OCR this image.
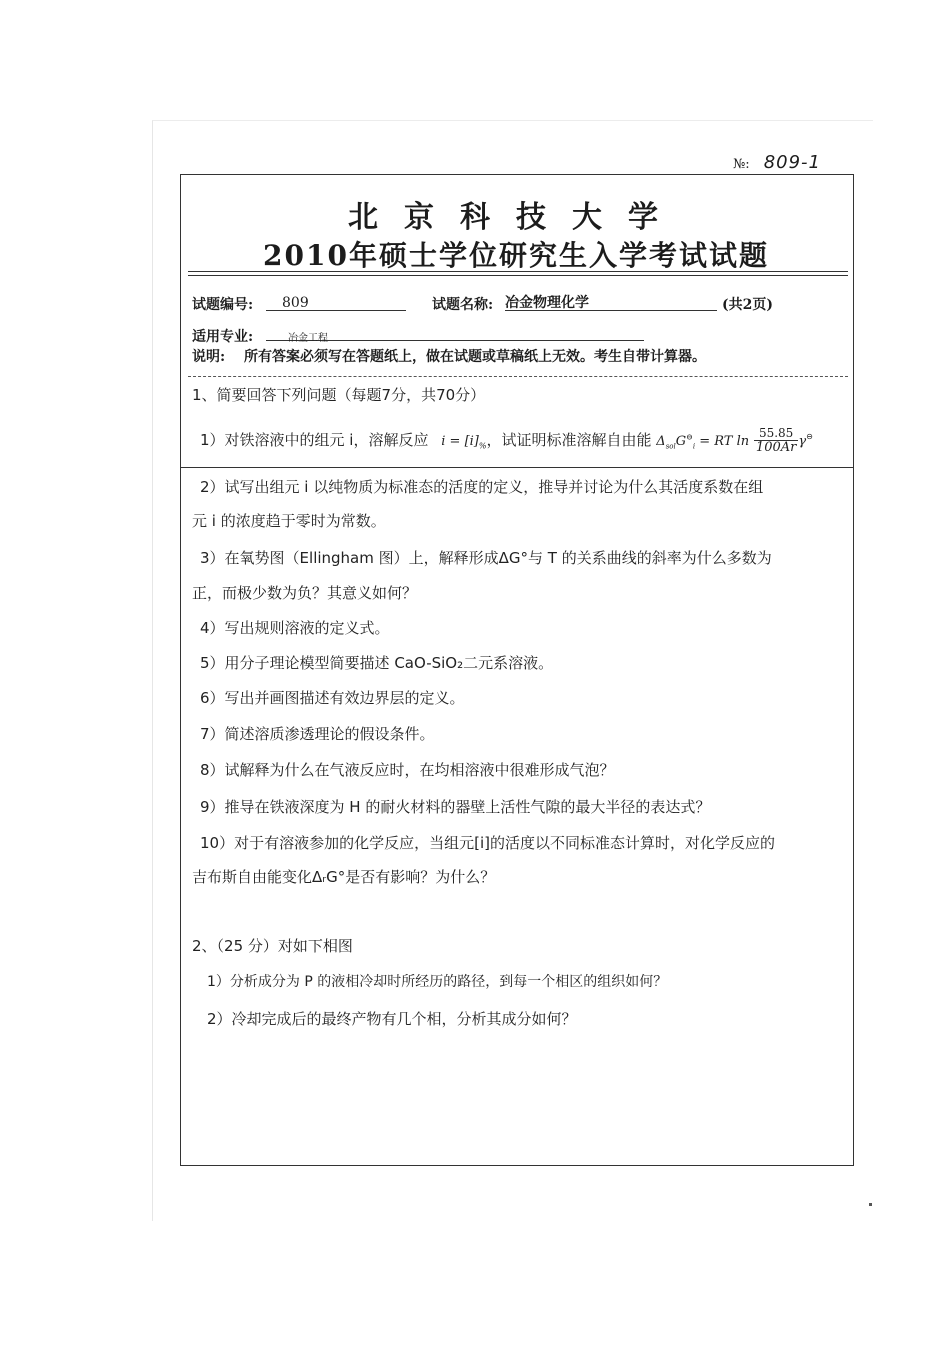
№: 809-1
北京科技大学
2010年硕士学位研究生入学考试试题
试题编号:	809	试题名称: 冶金物理化学	(共2页)
适用专业:	冶金工程
说明: 所有答案必须写在答题纸上，做在试题或草稿纸上无效。考生自带计算器。
1、简要回答下列问题（每题7分，共70分）
1）对铁溶液中的组元 i，溶解反应 $i = [i]_{\%}$，试证明标准溶解自由能 $\Delta_{sol}G^⊖_i$ = RT $\ln \frac{55.85}{100Ar} \gamma^⊖$
2）试写出组元 i 以纯物质为标准态的活度的定义，推导并讨论为什么其活度系数在组
元 i 的浓度趋于零时为常数。
3）在氧势图（Ellingham 图）上，解释形成ΔG°与 T 的关系曲线的斜率为什么多数为
正，而极少数为负？其意义如何？
4）写出规则溶液的定义式。
5）用分子理论模型简要描述 CaO-SiO₂二元系溶液。
6）写出并画图描述有效边界层的定义。
7）简述溶质渗透理论的假设条件。
8）试解释为什么在气液反应时，在均相溶液中很难形成气泡？
9）推导在铁液深度为 H 的耐火材料的器壁上活性气隙的最大半径的表达式？
10）对于有溶液参加的化学反应，当组元[i]的活度以不同标准态计算时，对化学反应的
吉布斯自由能变化ΔᵣG°是否有影响？为什么？
2、（25 分）对如下相图
1）分析成分为 P 的液相冷却时所经历的路径，到每一个相区的组织如何？
2）冷却完成后的最终产物有几个相，分析其成分如何？
